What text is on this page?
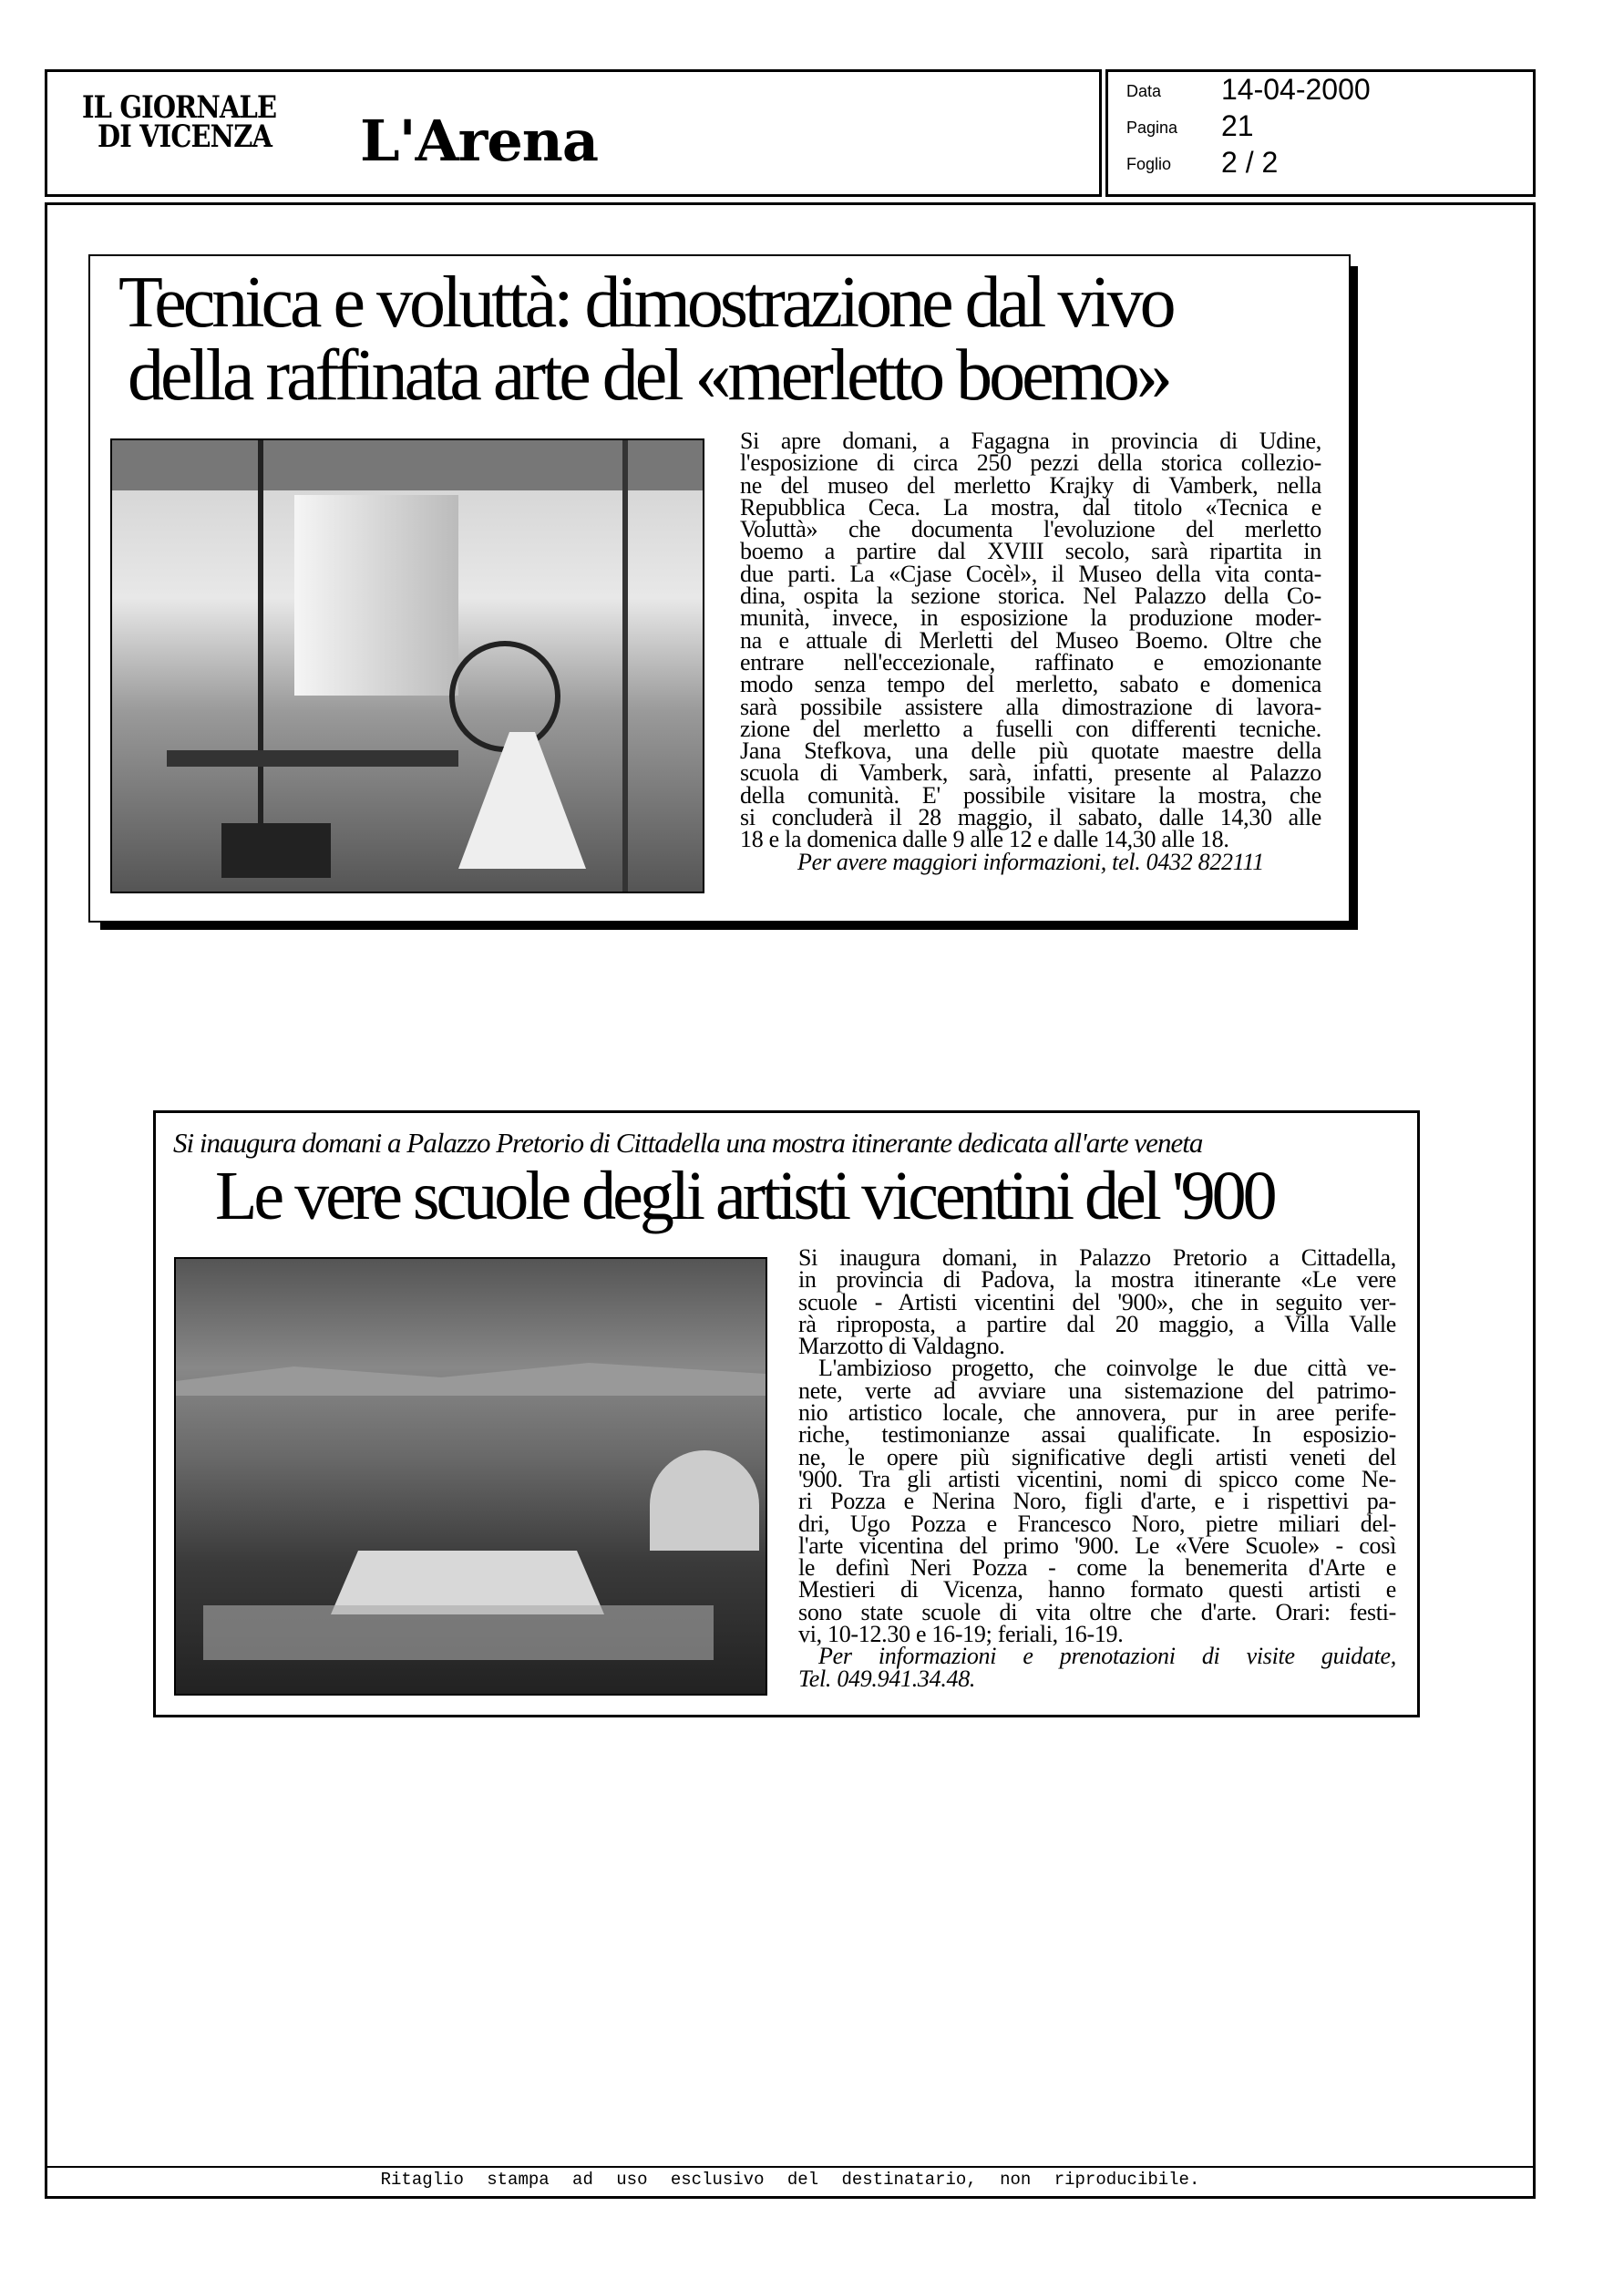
IL GIORNALE
DI VICENZA L'Arena
Data 14-04-2000
Pagina 21
Foglio 2 / 2
Ritaglio stampa ad uso esclusivo del destinatario, non riproducibile.
Tecnica e voluttà: dimostrazione dal vivo
della raffinata arte del «merletto boemo»
Si apre domani, a Fagagna in provincia di Udine,
l'esposizione di circa 250 pezzi della storica collezio-
ne del museo del merletto Krajky di Vamberk, nella
Repubblica Ceca. La mostra, dal titolo «Tecnica e
Voluttà» che documenta l'evoluzione del merletto
boemo a partire dal XVIII secolo, sarà ripartita in
due parti. La «Cjase Cocèl», il Museo della vita conta-
dina, ospita la sezione storica. Nel Palazzo della Co-
munità, invece, in esposizione la produzione moder-
na e attuale di Merletti del Museo Boemo. Oltre che
entrare nell'eccezionale, raffinato e emozionante
modo senza tempo del merletto, sabato e domenica
sarà possibile assistere alla dimostrazione di lavora-
zione del merletto a fuselli con differenti tecniche.
Jana Stefkova, una delle più quotate maestre della
scuola di Vamberk, sarà, infatti, presente al Palazzo
della comunità. E' possibile visitare la mostra, che
si concluderà il 28 maggio, il sabato, dalle 14,30 alle
18 e la domenica dalle 9 alle 12 e dalle 14,30 alle 18.
Per avere maggiori informazioni, tel. 0432 822111
Si inaugura domani a Palazzo Pretorio di Cittadella una mostra itinerante dedicata all'arte veneta
Le vere scuole degli artisti vicentini del '900
Si inaugura domani, in Palazzo Pretorio a Cittadella,
in provincia di Padova, la mostra itinerante «Le vere
scuole - Artisti vicentini del '900», che in seguito ver-
rà riproposta, a partire dal 20 maggio, a Villa Valle
Marzotto di Valdagno.
L'ambizioso progetto, che coinvolge le due città ve-
nete, verte ad avviare una sistemazione del patrimo-
nio artistico locale, che annovera, pur in aree perife-
riche, testimonianze assai qualificate. In esposizio-
ne, le opere più significative degli artisti veneti del
'900. Tra gli artisti vicentini, nomi di spicco come Ne-
ri Pozza e Nerina Noro, figli d'arte, e i rispettivi pa-
dri, Ugo Pozza e Francesco Noro, pietre miliari del-
l'arte vicentina del primo '900. Le «Vere Scuole» - così
le definì Neri Pozza - come la benemerita d'Arte e
Mestieri di Vicenza, hanno formato questi artisti e
sono state scuole di vita oltre che d'arte. Orari: festi-
vi, 10-12.30 e 16-19; feriali, 16-19.
Per informazioni e prenotazioni di visite guidate,
Tel. 049.941.34.48.
